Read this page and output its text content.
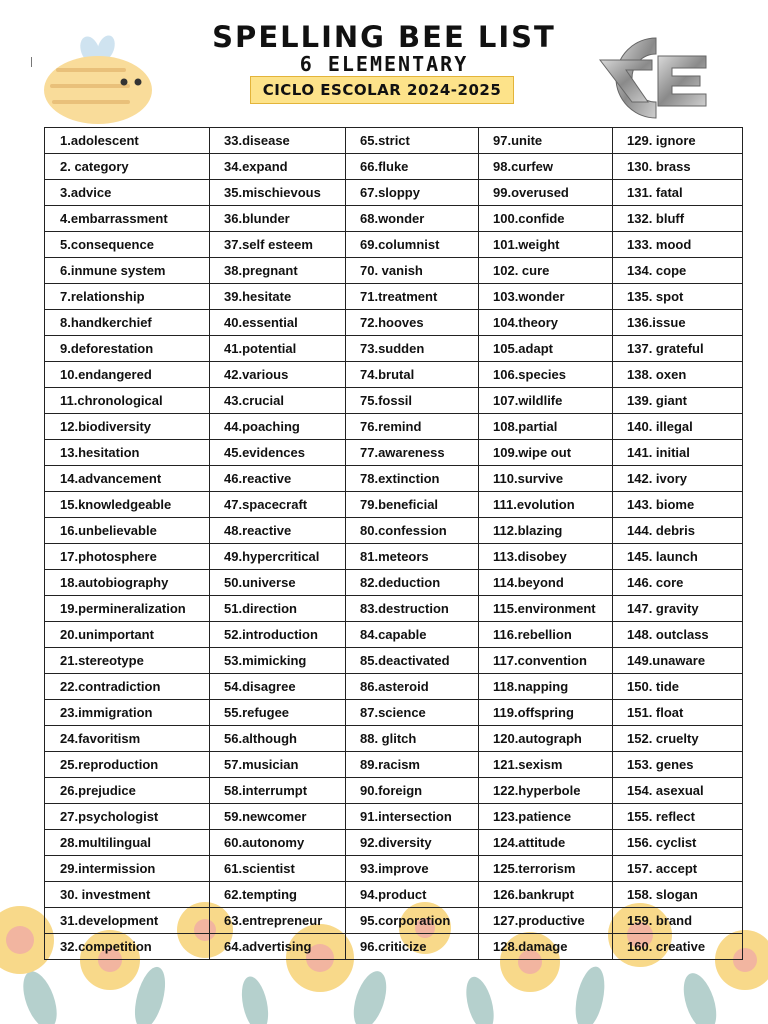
SPELLING BEE LIST
6 ELEMENTARY
CICLO ESCOLAR 2024-2025
1.adolescent	33.disease	65.strict	97.unite	129. ignore
2. category	34.expand	66.fluke	98.curfew	130. brass
3.advice	35.mischievous	67.sloppy	99.overused	131. fatal
4.embarrassment	36.blunder	68.wonder	100.confide	132. bluff
5.consequence	37.self esteem	69.columnist	101.weight	133. mood
6.inmune system	38.pregnant	70. vanish	102. cure	134. cope
7.relationship	39.hesitate	71.treatment	103.wonder	135. spot
8.handkerchief	40.essential	72.hooves	104.theory	136.issue
9.deforestation	41.potential	73.sudden	105.adapt	137. grateful
10.endangered	42.various	74.brutal	106.species	138. oxen
11.chronological	43.crucial	75.fossil	107.wildlife	139. giant
12.biodiversity	44.poaching	76.remind	108.partial	140. illegal
13.hesitation	45.evidences	77.awareness	109.wipe out	141. initial
14.advancement	46.reactive	78.extinction	110.survive	142. ivory
15.knowledgeable	47.spacecraft	79.beneficial	111.evolution	143. biome
16.unbelievable	48.reactive	80.confession	112.blazing	144. debris
17.photosphere	49.hypercritical	81.meteors	113.disobey	145. launch
18.autobiography	50.universe	82.deduction	114.beyond	146. core
19.permineralization	51.direction	83.destruction	115.environment	147. gravity
20.unimportant	52.introduction	84.capable	116.rebellion	148. outclass
21.stereotype	53.mimicking	85.deactivated	117.convention	149.unaware
22.contradiction	54.disagree	86.asteroid	118.napping	150. tide
23.immigration	55.refugee	87.science	119.offspring	151. float
24.favoritism	56.although	88. glitch	120.autograph	152. cruelty
25.reproduction	57.musician	89.racism	121.sexism	153. genes
26.prejudice	58.interrumpt	90.foreign	122.hyperbole	154. asexual
27.psychologist	59.newcomer	91.intersection	123.patience	155. reflect
28.multilingual	60.autonomy	92.diversity	124.attitude	156. cyclist
29.intermission	61.scientist	93.improve	125.terrorism	157. accept
30. investment	62.tempting	94.product	126.bankrupt	158. slogan
31.development	63.entrepreneur	95.corporation	127.productive	159. brand
32.competition	64.advertising	96.criticize	128.damage	160. creative
